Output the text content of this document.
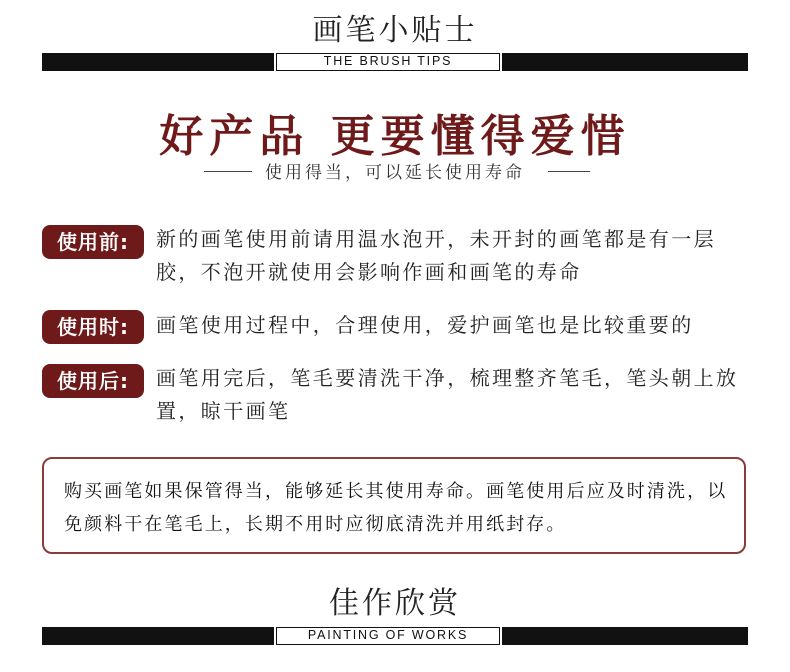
画笔小贴士
THE BRUSH TIPS
好产品 更要懂得爱惜
使用得当，可以延长使用寿命
使用前:	新的画笔使用前请用温水泡开，未开封的画笔都是有一层胶，不泡开就使用会影响作画和画笔的寿命
使用时:	画笔使用过程中，合理使用，爱护画笔也是比较重要的
使用后:	画笔用完后，笔毛要清洗干净，梳理整齐笔毛，笔头朝上放置，晾干画笔
购买画笔如果保管得当，能够延长其使用寿命。画笔使用后应及时清洗，以免颜料干在笔毛上，长期不用时应彻底清洗并用纸封存。
佳作欣赏
PAINTING OF WORKS
